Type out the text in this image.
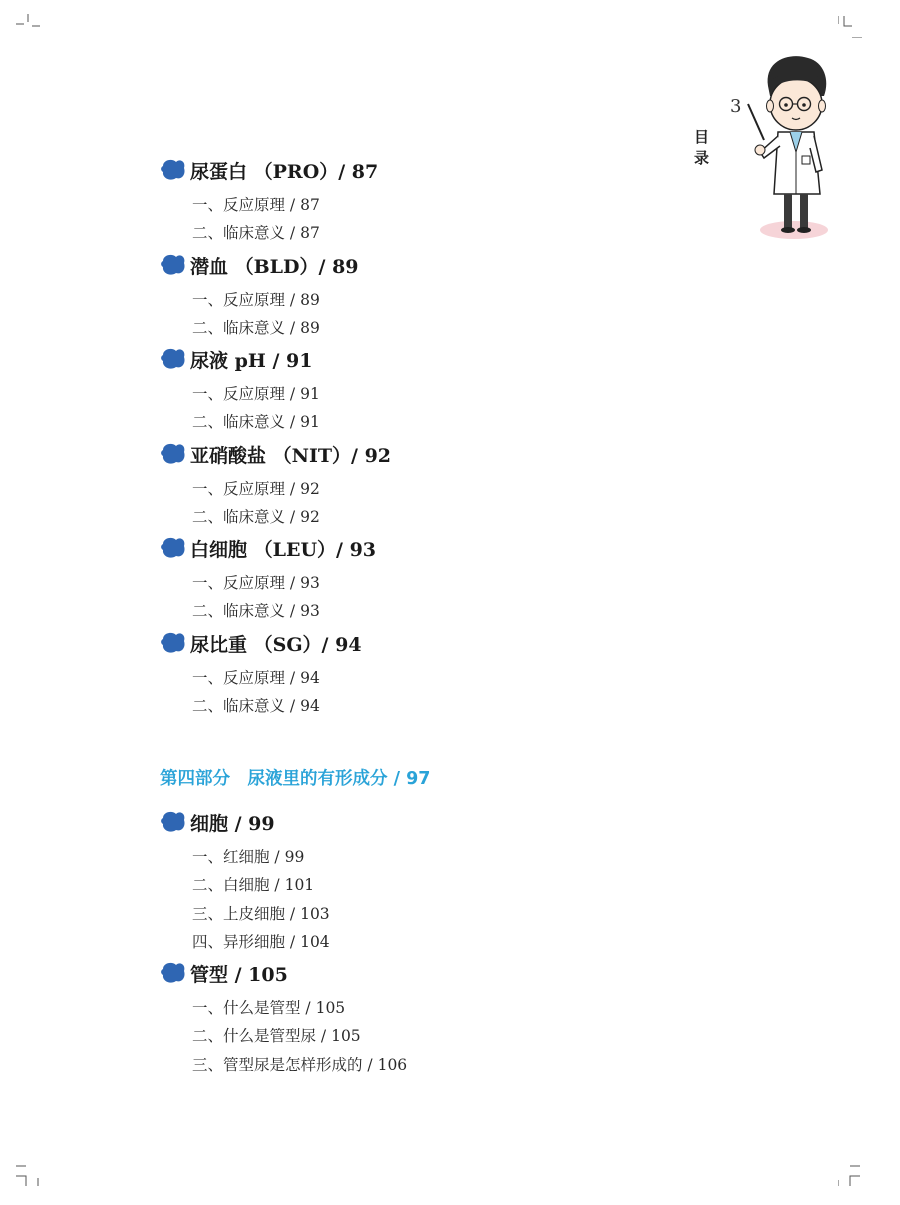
3
目 录
尿蛋白 （PRO）/ 87
一、反应原理 / 87
二、临床意义 / 87
潜血 （BLD）/ 89
一、反应原理 / 89
二、临床意义 / 89
尿液 pH / 91
一、反应原理 / 91
二、临床意义 / 91
亚硝酸盐 （NIT）/ 92
一、反应原理 / 92
二、临床意义 / 92
白细胞 （LEU）/ 93
一、反应原理 / 93
二、临床意义 / 93
尿比重 （SG）/ 94
一、反应原理 / 94
二、临床意义 / 94
第四部分　尿液里的有形成分 / 97
细胞 / 99
一、红细胞 / 99
二、白细胞 / 101
三、上皮细胞 / 103
四、异形细胞 / 104
管型 / 105
一、什么是管型 / 105
二、什么是管型尿 / 105
三、管型尿是怎样形成的 / 106
